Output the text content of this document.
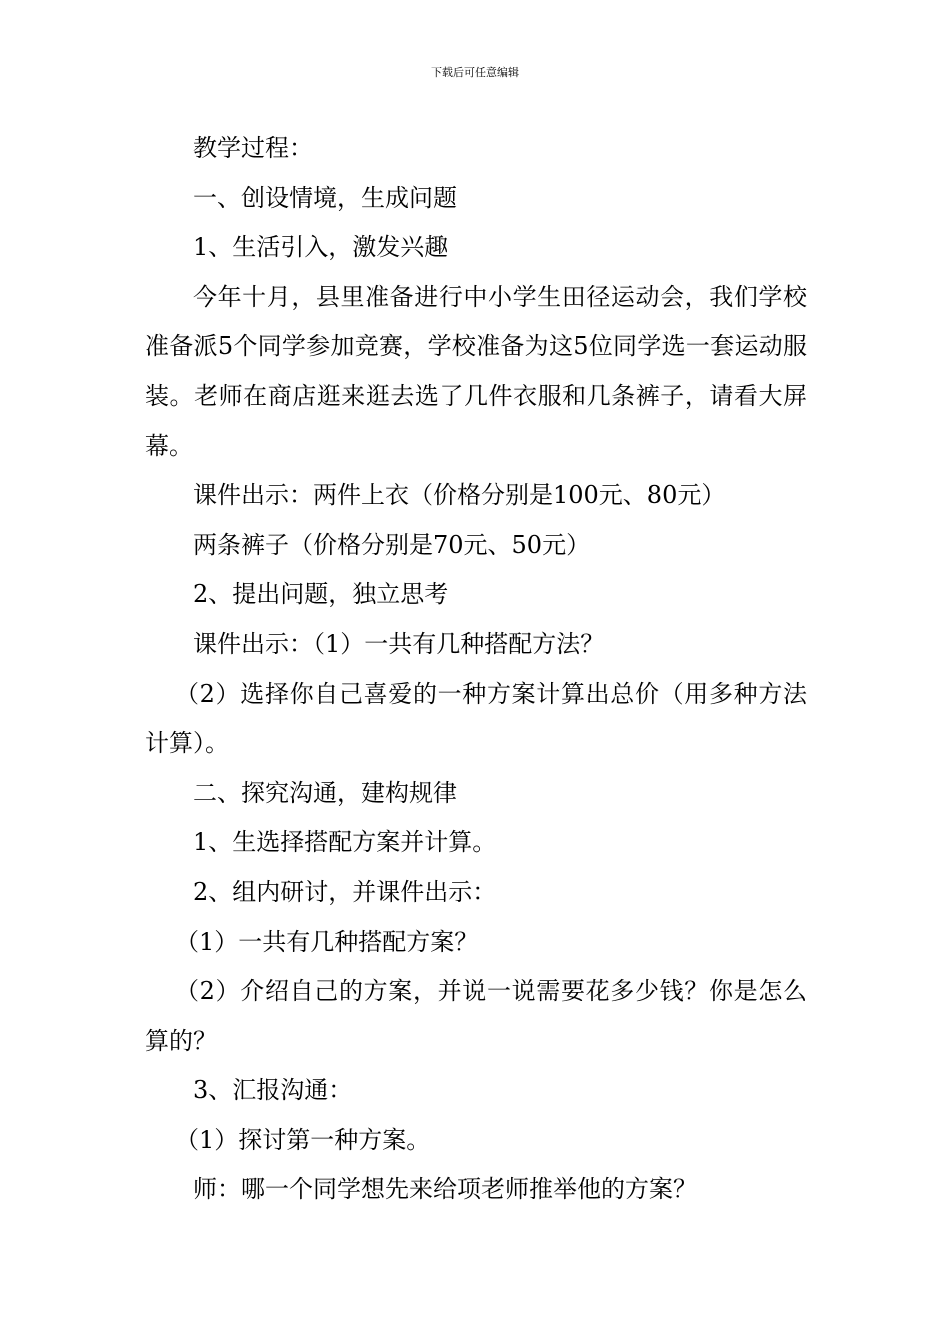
下载后可任意编辑

教学过程：

一、创设情境，生成问题

1、生活引入，激发兴趣

今年十月，县里准备进行中小学生田径运动会，我们学校准备派5个同学参加竞赛，学校准备为这5位同学选一套运动服装。老师在商店逛来逛去选了几件衣服和几条裤子，请看大屏幕。

课件出示：两件上衣（价格分别是100元、80元）

两条裤子（价格分别是70元、50元）

2、提出问题，独立思考

课件出示：（1）一共有几种搭配方法？

（2）选择你自己喜爱的一种方案计算出总价（用多种方法计算）。

二、探究沟通，建构规律

1、生选择搭配方案并计算。

2、组内研讨，并课件出示：

（1）一共有几种搭配方案？

（2）介绍自己的方案，并说一说需要花多少钱？你是怎么算的？

3、汇报沟通：

（1）探讨第一种方案。

师：哪一个同学想先来给项老师推举他的方案？
